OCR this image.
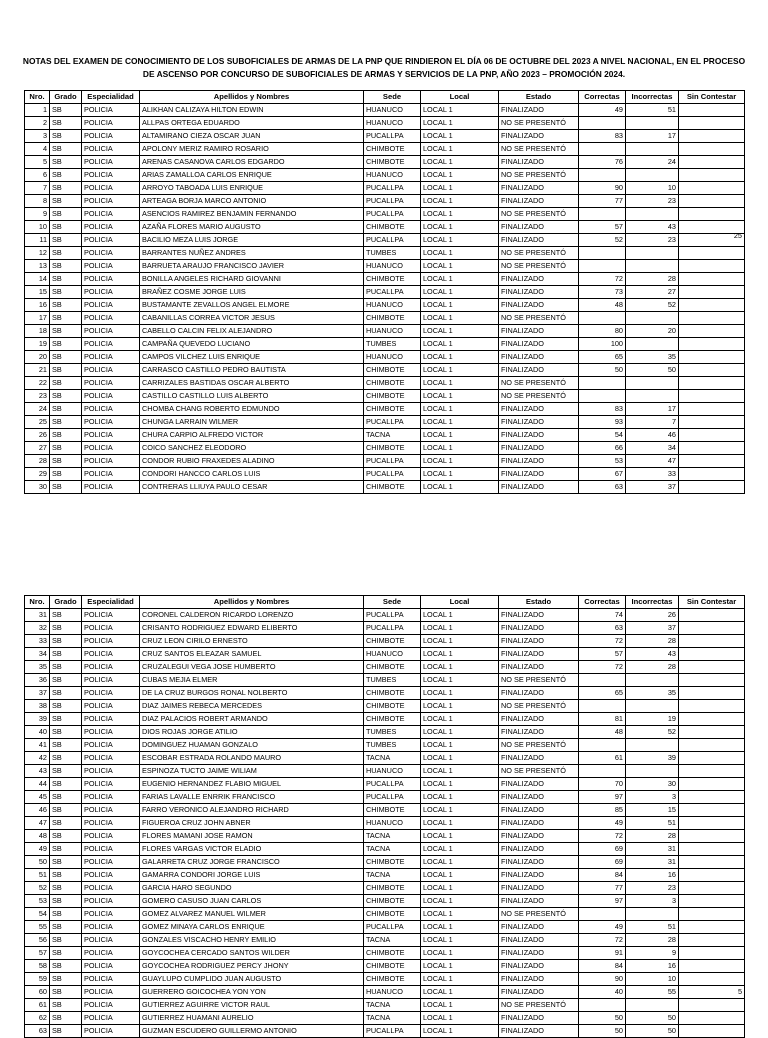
NOTAS DEL EXAMEN DE CONOCIMIENTO DE LOS SUBOFICIALES DE ARMAS DE LA PNP QUE RINDIERON EL DÍA 06 DE OCTUBRE DEL 2023 A NIVEL NACIONAL, EN EL PROCESO DE ASCENSO POR CONCURSO DE SUBOFICIALES DE ARMAS Y SERVICIOS DE LA PNP, AÑO 2023 – PROMOCIÓN 2024.
Nro.	Grado	Especialidad	Apellidos y Nombres	Sede	Local	Estado	Correctas	Incorrectas	Sin Contestar
1	SB	POLICIA	ALIKHAN CALIZAYA HILTON EDWIN	HUANUCO	LOCAL 1	FINALIZADO	49	51	
2	SB	POLICIA	ALLPAS ORTEGA EDUARDO	HUANUCO	LOCAL 1	NO SE PRESENTÓ			
3	SB	POLICIA	ALTAMIRANO CIEZA OSCAR JUAN	PUCALLPA	LOCAL 1	FINALIZADO	83	17	
4	SB	POLICIA	APOLONY MERIZ RAMIRO ROSARIO	CHIMBOTE	LOCAL 1	NO SE PRESENTÓ			
5	SB	POLICIA	ARENAS CASANOVA CARLOS EDGARDO	CHIMBOTE	LOCAL 1	FINALIZADO	76	24	
6	SB	POLICIA	ARIAS ZAMALLOA CARLOS ENRIQUE	HUANUCO	LOCAL 1	NO SE PRESENTÓ			
7	SB	POLICIA	ARROYO TABOADA LUIS ENRIQUE	PUCALLPA	LOCAL 1	FINALIZADO	90	10	
8	SB	POLICIA	ARTEAGA BORJA MARCO ANTONIO	PUCALLPA	LOCAL 1	FINALIZADO	77	23	
9	SB	POLICIA	ASENCIOS RAMIREZ BENJAMIN FERNANDO	PUCALLPA	LOCAL 1	NO SE PRESENTÓ			
10	SB	POLICIA	AZAÑA FLORES MARIO AUGUSTO	CHIMBOTE	LOCAL 1	FINALIZADO	57	43	
11	SB	POLICIA	BACILIO MEZA LUIS JORGE	PUCALLPA	LOCAL 1	FINALIZADO	52	23	
12	SB	POLICIA	BARRANTES NUÑEZ ANDRES	TUMBES	LOCAL 1	NO SE PRESENTÓ			
13	SB	POLICIA	BARRUETA ARAUJO FRANCISCO JAVIER	HUANUCO	LOCAL 1	NO SE PRESENTÓ			
14	SB	POLICIA	BONILLA ANGELES RICHARD GIOVANNI	CHIMBOTE	LOCAL 1	FINALIZADO	72	28	
15	SB	POLICIA	BRAÑEZ COSME JORGE LUIS	PUCALLPA	LOCAL 1	FINALIZADO	73	27	
16	SB	POLICIA	BUSTAMANTE ZEVALLOS ANGEL ELMORE	HUANUCO	LOCAL 1	FINALIZADO	48	52	
17	SB	POLICIA	CABANILLAS CORREA VICTOR JESUS	CHIMBOTE	LOCAL 1	NO SE PRESENTÓ			
18	SB	POLICIA	CABELLO CALCIN FELIX ALEJANDRO	HUANUCO	LOCAL 1	FINALIZADO	80	20	
19	SB	POLICIA	CAMPAÑA QUEVEDO LUCIANO	TUMBES	LOCAL 1	FINALIZADO	100		
20	SB	POLICIA	CAMPOS VILCHEZ LUIS ENRIQUE	HUANUCO	LOCAL 1	FINALIZADO	65	35	
21	SB	POLICIA	CARRASCO CASTILLO PEDRO BAUTISTA	CHIMBOTE	LOCAL 1	FINALIZADO	50	50	
22	SB	POLICIA	CARRIZALES BASTIDAS OSCAR ALBERTO	CHIMBOTE	LOCAL 1	NO SE PRESENTÓ			
23	SB	POLICIA	CASTILLO CASTILLO LUIS ALBERTO	CHIMBOTE	LOCAL 1	NO SE PRESENTÓ			
24	SB	POLICIA	CHOMBA CHANG ROBERTO EDMUNDO	CHIMBOTE	LOCAL 1	FINALIZADO	83	17	
25	SB	POLICIA	CHUNGA LARRAIN WILMER	PUCALLPA	LOCAL 1	FINALIZADO	93	7	
26	SB	POLICIA	CHURA CARPIO ALFREDO VICTOR	TACNA	LOCAL 1	FINALIZADO	54	46	
27	SB	POLICIA	COICO SANCHEZ ELEODORO	CHIMBOTE	LOCAL 1	FINALIZADO	66	34	
28	SB	POLICIA	CONDOR RUBIO FRAXEDES ALADINO	PUCALLPA	LOCAL 1	FINALIZADO	53	47	
29	SB	POLICIA	CONDORI HANCCO CARLOS LUIS	PUCALLPA	LOCAL 1	FINALIZADO	67	33	
30	SB	POLICIA	CONTRERAS LLIUYA PAULO CESAR	CHIMBOTE	LOCAL 1	FINALIZADO	63	37	
25
Nro.	Grado	Especialidad	Apellidos y Nombres	Sede	Local	Estado	Correctas	Incorrectas	Sin Contestar
31	SB	POLICIA	CORONEL CALDERON RICARDO LORENZO	PUCALLPA	LOCAL 1	FINALIZADO	74	26	
32	SB	POLICIA	CRISANTO RODRIGUEZ EDWARD ELIBERTO	PUCALLPA	LOCAL 1	FINALIZADO	63	37	
33	SB	POLICIA	CRUZ LEON CIRILO ERNESTO	CHIMBOTE	LOCAL 1	FINALIZADO	72	28	
34	SB	POLICIA	CRUZ SANTOS ELEAZAR SAMUEL	HUANUCO	LOCAL 1	FINALIZADO	57	43	
35	SB	POLICIA	CRUZALEGUI VEGA JOSE HUMBERTO	CHIMBOTE	LOCAL 1	FINALIZADO	72	28	
36	SB	POLICIA	CUBAS MEJIA ELMER	TUMBES	LOCAL 1	NO SE PRESENTÓ			
37	SB	POLICIA	DE LA CRUZ BURGOS RONAL NOLBERTO	CHIMBOTE	LOCAL 1	FINALIZADO	65	35	
38	SB	POLICIA	DIAZ JAIMES REBECA MERCEDES	CHIMBOTE	LOCAL 1	NO SE PRESENTÓ			
39	SB	POLICIA	DIAZ PALACIOS ROBERT ARMANDO	CHIMBOTE	LOCAL 1	FINALIZADO	81	19	
40	SB	POLICIA	DIOS ROJAS JORGE ATILIO	TUMBES	LOCAL 1	FINALIZADO	48	52	
41	SB	POLICIA	DOMINGUEZ HUAMAN GONZALO	TUMBES	LOCAL 1	NO SE PRESENTÓ			
42	SB	POLICIA	ESCOBAR ESTRADA ROLANDO MAURO	TACNA	LOCAL 1	FINALIZADO	61	39	
43	SB	POLICIA	ESPINOZA TUCTO JAIME WILIAM	HUANUCO	LOCAL 1	NO SE PRESENTÓ			
44	SB	POLICIA	EUGENIO HERNANDEZ FLABIO MIGUEL	PUCALLPA	LOCAL 1	FINALIZADO	70	30	
45	SB	POLICIA	FARIAS LAVALLE ENRRIK FRANCISCO	PUCALLPA	LOCAL 1	FINALIZADO	97	3	
46	SB	POLICIA	FARRO VERONICO ALEJANDRO RICHARD	CHIMBOTE	LOCAL 1	FINALIZADO	85	15	
47	SB	POLICIA	FIGUEROA CRUZ JOHN ABNER	HUANUCO	LOCAL 1	FINALIZADO	49	51	
48	SB	POLICIA	FLORES MAMANI JOSE RAMON	TACNA	LOCAL 1	FINALIZADO	72	28	
49	SB	POLICIA	FLORES VARGAS VICTOR ELADIO	TACNA	LOCAL 1	FINALIZADO	69	31	
50	SB	POLICIA	GALARRETA CRUZ JORGE FRANCISCO	CHIMBOTE	LOCAL 1	FINALIZADO	69	31	
51	SB	POLICIA	GAMARRA CONDORI JORGE LUIS	TACNA	LOCAL 1	FINALIZADO	84	16	
52	SB	POLICIA	GARCIA HARO SEGUNDO	CHIMBOTE	LOCAL 1	FINALIZADO	77	23	
53	SB	POLICIA	GOMERO CASUSO JUAN CARLOS	CHIMBOTE	LOCAL 1	FINALIZADO	97	3	
54	SB	POLICIA	GOMEZ ALVAREZ MANUEL WILMER	CHIMBOTE	LOCAL 1	NO SE PRESENTÓ			
55	SB	POLICIA	GOMEZ MINAYA CARLOS ENRIQUE	PUCALLPA	LOCAL 1	FINALIZADO	49	51	
56	SB	POLICIA	GONZALES VISCACHO HENRY EMILIO	TACNA	LOCAL 1	FINALIZADO	72	28	
57	SB	POLICIA	GOYCOCHEA CERCADO SANTOS WILDER	CHIMBOTE	LOCAL 1	FINALIZADO	91	9	
58	SB	POLICIA	GOYCOCHEA RODRIGUEZ PERCY JHONY	CHIMBOTE	LOCAL 1	FINALIZADO	84	16	
59	SB	POLICIA	GUAYLUPO CUMPLIDO JUAN AUGUSTO	CHIMBOTE	LOCAL 1	FINALIZADO	90	10	
60	SB	POLICIA	GUERRERO GOICOCHEA YON YON	HUANUCO	LOCAL 1	FINALIZADO	40	55	5
61	SB	POLICIA	GUTIERREZ AGUIRRE VICTOR RAUL	TACNA	LOCAL 1	NO SE PRESENTÓ			
62	SB	POLICIA	GUTIERREZ HUAMANI AURELIO	TACNA	LOCAL 1	FINALIZADO	50	50	
63	SB	POLICIA	GUZMAN ESCUDERO GUILLERMO ANTONIO	PUCALLPA	LOCAL 1	FINALIZADO	50	50	
